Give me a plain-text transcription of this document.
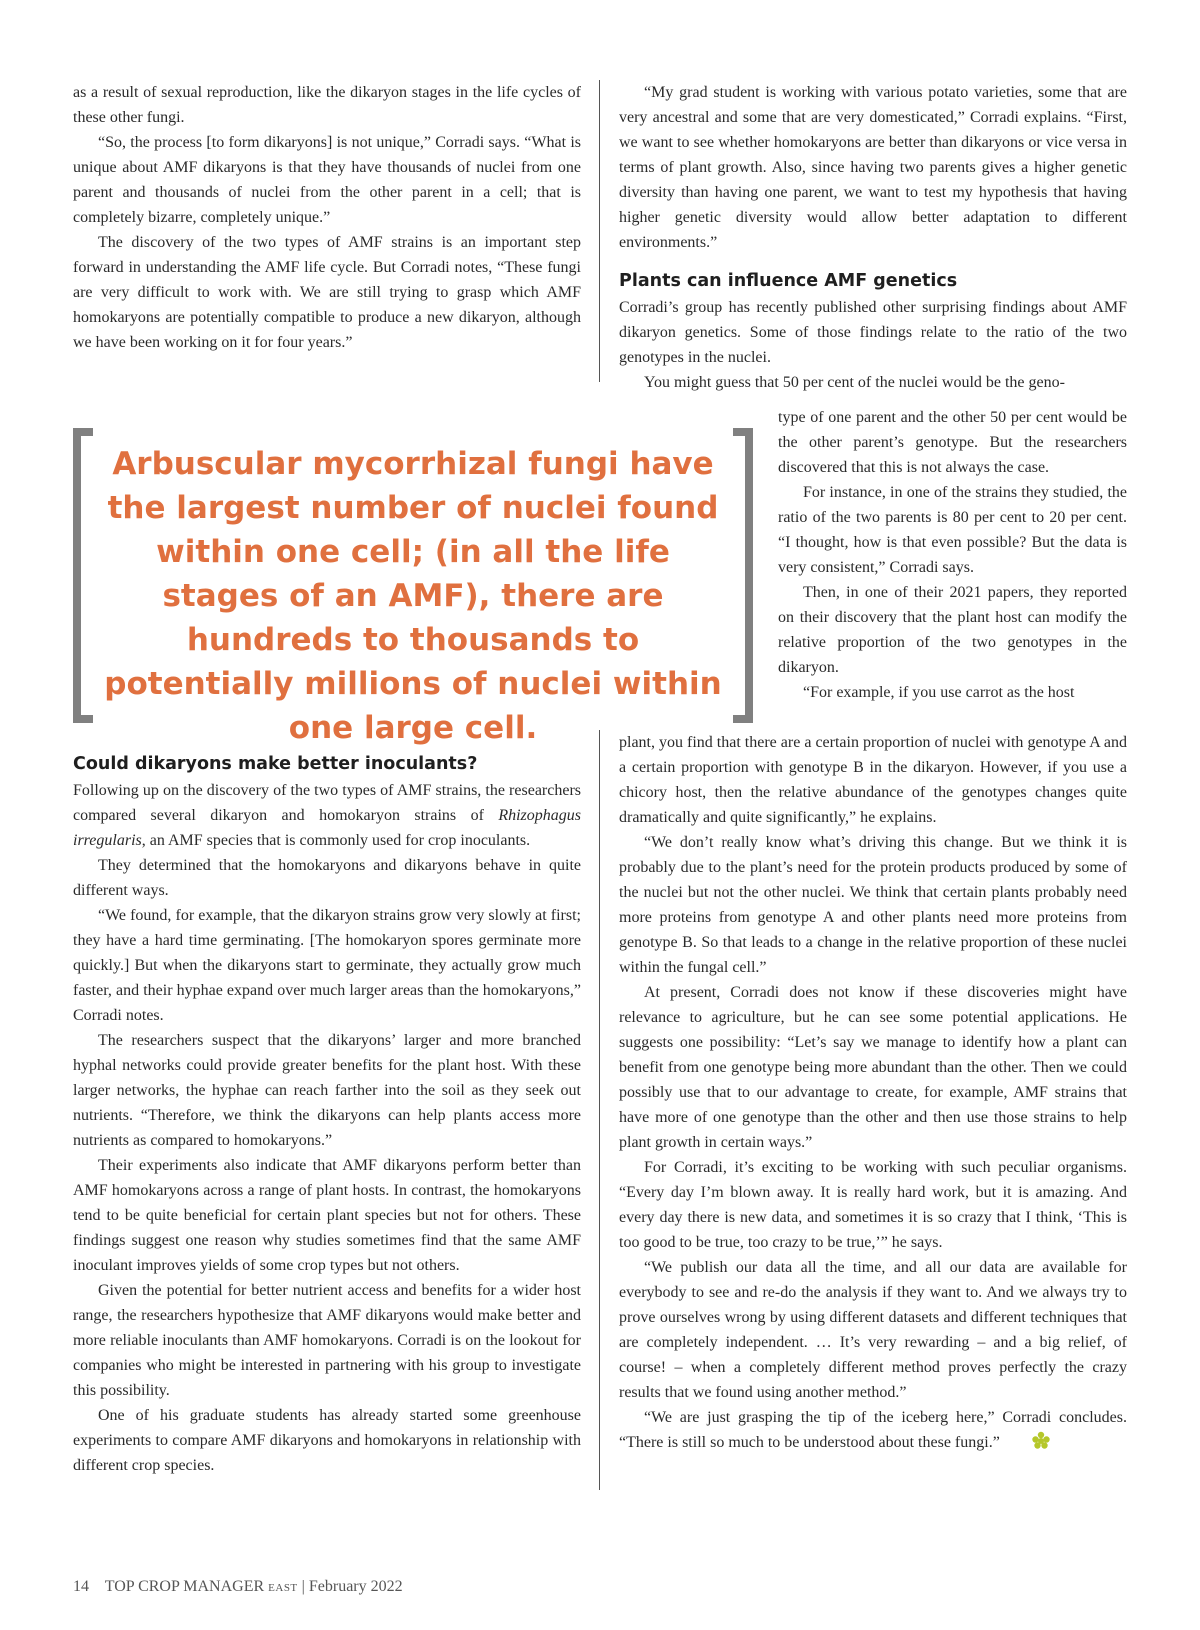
as a result of sexual reproduction, like the dikaryon stages in the life cycles of these other fungi.

“So, the process [to form dikaryons] is not unique,” Corradi says. “What is unique about AMF dikaryons is that they have thousands of nuclei from one parent and thousands of nuclei from the other parent in a cell; that is completely bizarre, completely unique.”

The discovery of the two types of AMF strains is an important step forward in understanding the AMF life cycle. But Corradi notes, “These fungi are very difficult to work with. We are still trying to grasp which AMF homokaryons are potentially compatible to produce a new dikaryon, although we have been working on it for four years.”

Arbuscular mycorrhizal fungi have the largest number of nuclei found within one cell; (in all the life stages of an AMF), there are hundreds to thousands to potentially millions of nuclei within one large cell.
Could dikaryons make better inoculants?

Following up on the discovery of the two types of AMF strains, the researchers compared several dikaryon and homokaryon strains of Rhizophagus irregularis, an AMF species that is commonly used for crop inoculants.

They determined that the homokaryons and dikaryons behave in quite different ways.

“We found, for example, that the dikaryon strains grow very slowly at first; they have a hard time germinating. [The homokaryon spores germinate more quickly.] But when the dikaryons start to germinate, they actually grow much faster, and their hyphae expand over much larger areas than the homokaryons,” Corradi notes.

The researchers suspect that the dikaryons’ larger and more branched hyphal networks could provide greater benefits for the plant host. With these larger networks, the hyphae can reach farther into the soil as they seek out nutrients. “Therefore, we think the dikaryons can help plants access more nutrients as compared to homokaryons.”

Their experiments also indicate that AMF dikaryons perform better than AMF homokaryons across a range of plant hosts. In contrast, the homokaryons tend to be quite beneficial for certain plant species but not for others. These findings suggest one reason why studies sometimes find that the same AMF inoculant improves yields of some crop types but not others.

Given the potential for better nutrient access and benefits for a wider host range, the researchers hypothesize that AMF dikaryons would make better and more reliable inoculants than AMF homokaryons. Corradi is on the lookout for companies who might be interested in partnering with his group to investigate this possibility.

One of his graduate students has already started some greenhouse experiments to compare AMF dikaryons and homokaryons in relationship with different crop species.

“My grad student is working with various potato varieties, some that are very ancestral and some that are very domesticated,” Corradi explains. “First, we want to see whether homokaryons are better than dikaryons or vice versa in terms of plant growth. Also, since having two parents gives a higher genetic diversity than having one parent, we want to test my hypothesis that having higher genetic diversity would allow better adaptation to different environments.”

Plants can influence AMF genetics

Corradi’s group has recently published other surprising findings about AMF dikaryon genetics. Some of those findings relate to the ratio of the two genotypes in the nuclei.

You might guess that 50 per cent of the nuclei would be the geno-

type of one parent and the other 50 per cent would be the other parent’s genotype. But the researchers discovered that this is not always the case.

For instance, in one of the strains they studied, the ratio of the two parents is 80 per cent to 20 per cent. “I thought, how is that even possible? But the data is very consistent,” Corradi says.

Then, in one of their 2021 papers, they reported on their discovery that the plant host can modify the relative proportion of the two genotypes in the dikaryon.

“For example, if you use carrot as the host

plant, you find that there are a certain proportion of nuclei with genotype A and a certain proportion with genotype B in the dikaryon. However, if you use a chicory host, then the relative abundance of the genotypes changes quite dramatically and quite significantly,” he explains.

“We don’t really know what’s driving this change. But we think it is probably due to the plant’s need for the protein products produced by some of the nuclei but not the other nuclei. We think that certain plants probably need more proteins from genotype A and other plants need more proteins from genotype B. So that leads to a change in the relative proportion of these nuclei within the fungal cell.”

At present, Corradi does not know if these discoveries might have relevance to agriculture, but he can see some potential applications. He suggests one possibility: “Let’s say we manage to identify how a plant can benefit from one genotype being more abundant than the other. Then we could possibly use that to our advantage to create, for example, AMF strains that have more of one genotype than the other and then use those strains to help plant growth in certain ways.”

For Corradi, it’s exciting to be working with such peculiar organisms. “Every day I’m blown away. It is really hard work, but it is amazing. And every day there is new data, and sometimes it is so crazy that I think, ‘This is too good to be true, too crazy to be true,’” he says.

“We publish our data all the time, and all our data are available for everybody to see and re-do the analysis if they want to. And we always try to prove ourselves wrong by using different datasets and different techniques that are completely independent. … It’s very rewarding – and a big relief, of course! – when a completely different method proves perfectly the crazy results that we found using another method.”

“We are just grasping the tip of the iceberg here,” Corradi concludes. “There is still so much to be understood about these fungi.”

14 TOP CROP MANAGER EAST | February 2022
